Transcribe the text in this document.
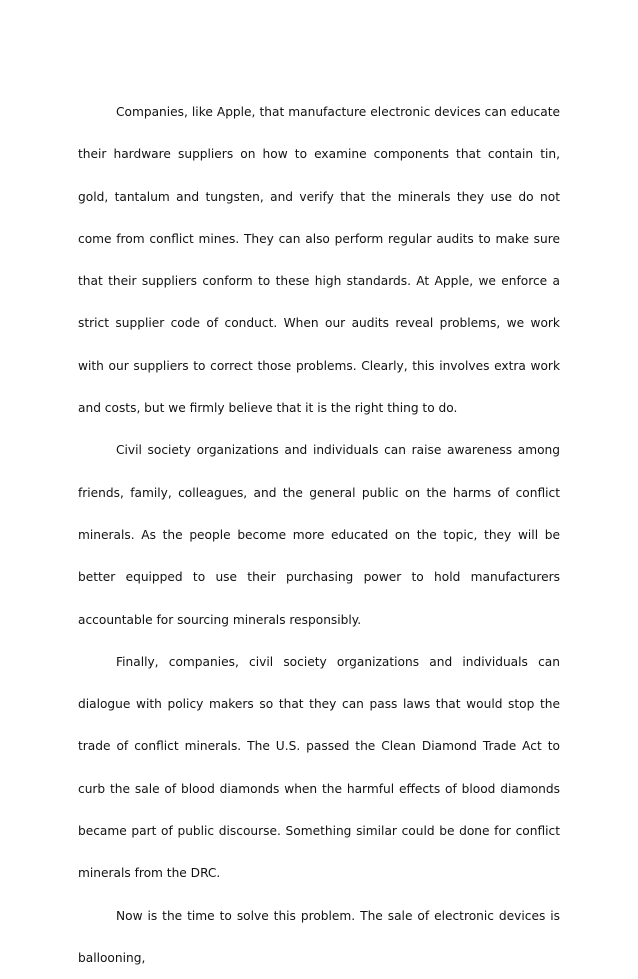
Companies, like Apple, that manufacture electronic devices can educate their hardware suppliers on how to examine components that contain tin, gold, tantalum and tungsten, and verify that the minerals they use do not come from conflict mines. They can also perform regular audits to make sure that their suppliers conform to these high standards. At Apple, we enforce a strict supplier code of conduct. When our audits reveal problems, we work with our suppliers to correct those problems. Clearly, this involves extra work and costs, but we firmly believe that it is the right thing to do.

Civil society organizations and individuals can raise awareness among friends, family, colleagues, and the general public on the harms of conflict minerals. As the people become more educated on the topic, they will be better equipped to use their purchasing power to hold manufacturers accountable for sourcing minerals responsibly.

Finally, companies, civil society organizations and individuals can dialogue with policy makers so that they can pass laws that would stop the trade of conflict minerals. The U.S. passed the Clean Diamond Trade Act to curb the sale of blood diamonds when the harmful effects of blood diamonds became part of public discourse. Something similar could be done for conflict minerals from the DRC.

Now is the time to solve this problem. The sale of electronic devices is ballooning,
